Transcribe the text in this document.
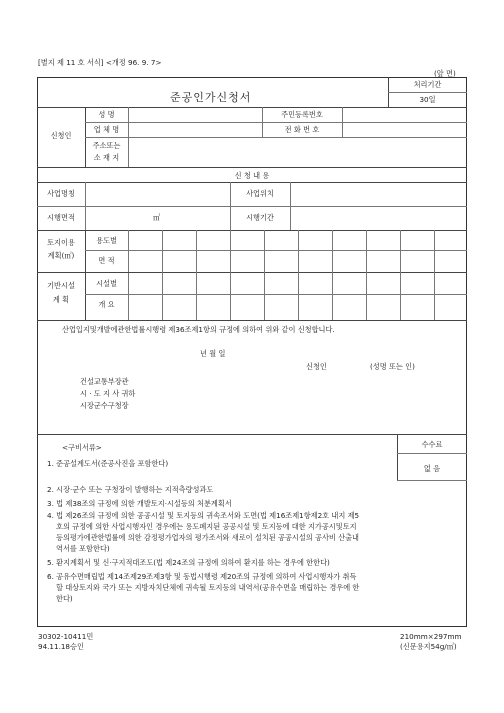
[별지 제 11 호 서식] <개정 96. 9. 7>
(앞 면)
준공인가신청서
처리기간
30일
신청인
성 명	주민등록번호
업 체 명	전 화 번 호
주소또는
소 재 지
신 청 내 용
사업명칭	사업위치
시행면적	㎡	시행기간
토지이용
계획(㎡)
용도별
면 적
기반시설
계 획
시설별
개 요
산업입지및개발에관한법률시행령 제36조제1항의 규정에 의하여 위와 같이 신청합니다.
년 월 일
신청인	(성명 또는 인)
건설교통부장관
시 · 도 지 사 귀하
시장군수구청장
<구비서류>	수수료
없 음
1. 준공설계도서(준공사진을 포함한다)
2. 시장·군수 또는 구청장이 발행하는 지적측량성과도
3. 법 제38조의 규정에 의한 개발토지·시설등의 처분계획서
4. 법 제26조의 규정에 의한 공공시설 및 토지등의 귀속조서와 도면(법 제16조제1항제2호 내지 제5
호의 규정에 의한 사업시행자인 경우에는 용도폐지된 공공시설 및 토지등에 대한 지가공시및토지
등의평가에관한법률에 의한 감정평가업자의 평가조서와 새로이 설치된 공공시설의 공사비 산출내
역서를 포함한다)
5. 환지계획서 및 신·구지적대조도(법 제24조의 규정에 의하여 환지를 하는 경우에 한한다)
6. 공유수면매립법 제14조제29조제3항 및 동법시행령 제20조의 규정에 의하여 사업시행자가 취득
할 대상토지와 국가 또는 지방자치단체에 귀속될 토지등의 내역서(공유수면을 매립하는 경우에 한
한다)
30302-10411민
94.11.18승인
210mm×297mm
(신문용지54g/㎡)
